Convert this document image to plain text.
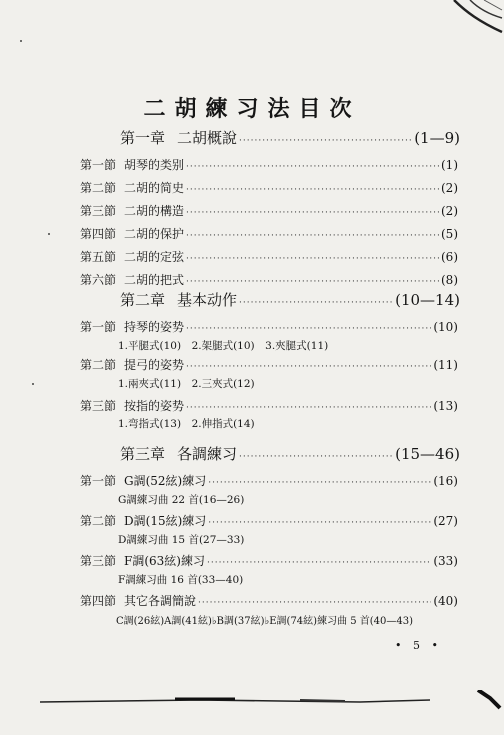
二胡練习法目次
第一章 二胡概說 ·····	(1—9)
第一節 胡琴的类别 ·····	(1)
第二節 二胡的简史 ·····	(2)
第三節 二胡的構造 ·····	(2)
第四節 二胡的保护 ·····	(5)
第五節 二胡的定弦 ·····	(6)
第六節 二胡的把式 ·····	(8)
第二章 基本动作 ·····	(10—14)
第一節 持琴的姿势 ·····	(10)
1.平腿式(10)　2.架腿式(10)　3.夾腿式(11)
第二節 提弓的姿势 ·····	(11)
1.兩夾式(11)　2.三夾式(12)
第三節 按指的姿势 ·····	(13)
1.弯指式(13)　2.伸指式(14)
第三章 各調練习 ·····	(15—46)
第一節 G調(52絃)練习 ·····	(16)
G調練习曲 22 首(16—26)
第二節 D調(15絃)練习 ·····	(27)
D調練习曲 15 首(27—33)
第三節 F調(63絃)練习 ·····	(33)
F調練习曲 16 首(33—40)
第四節 其它各調簡說 ·····	(40)
C調(26絃)A調(41絃)♭B調(37絃)♭E調(74絃)練习曲 5 首(40—43)
• 5 •
